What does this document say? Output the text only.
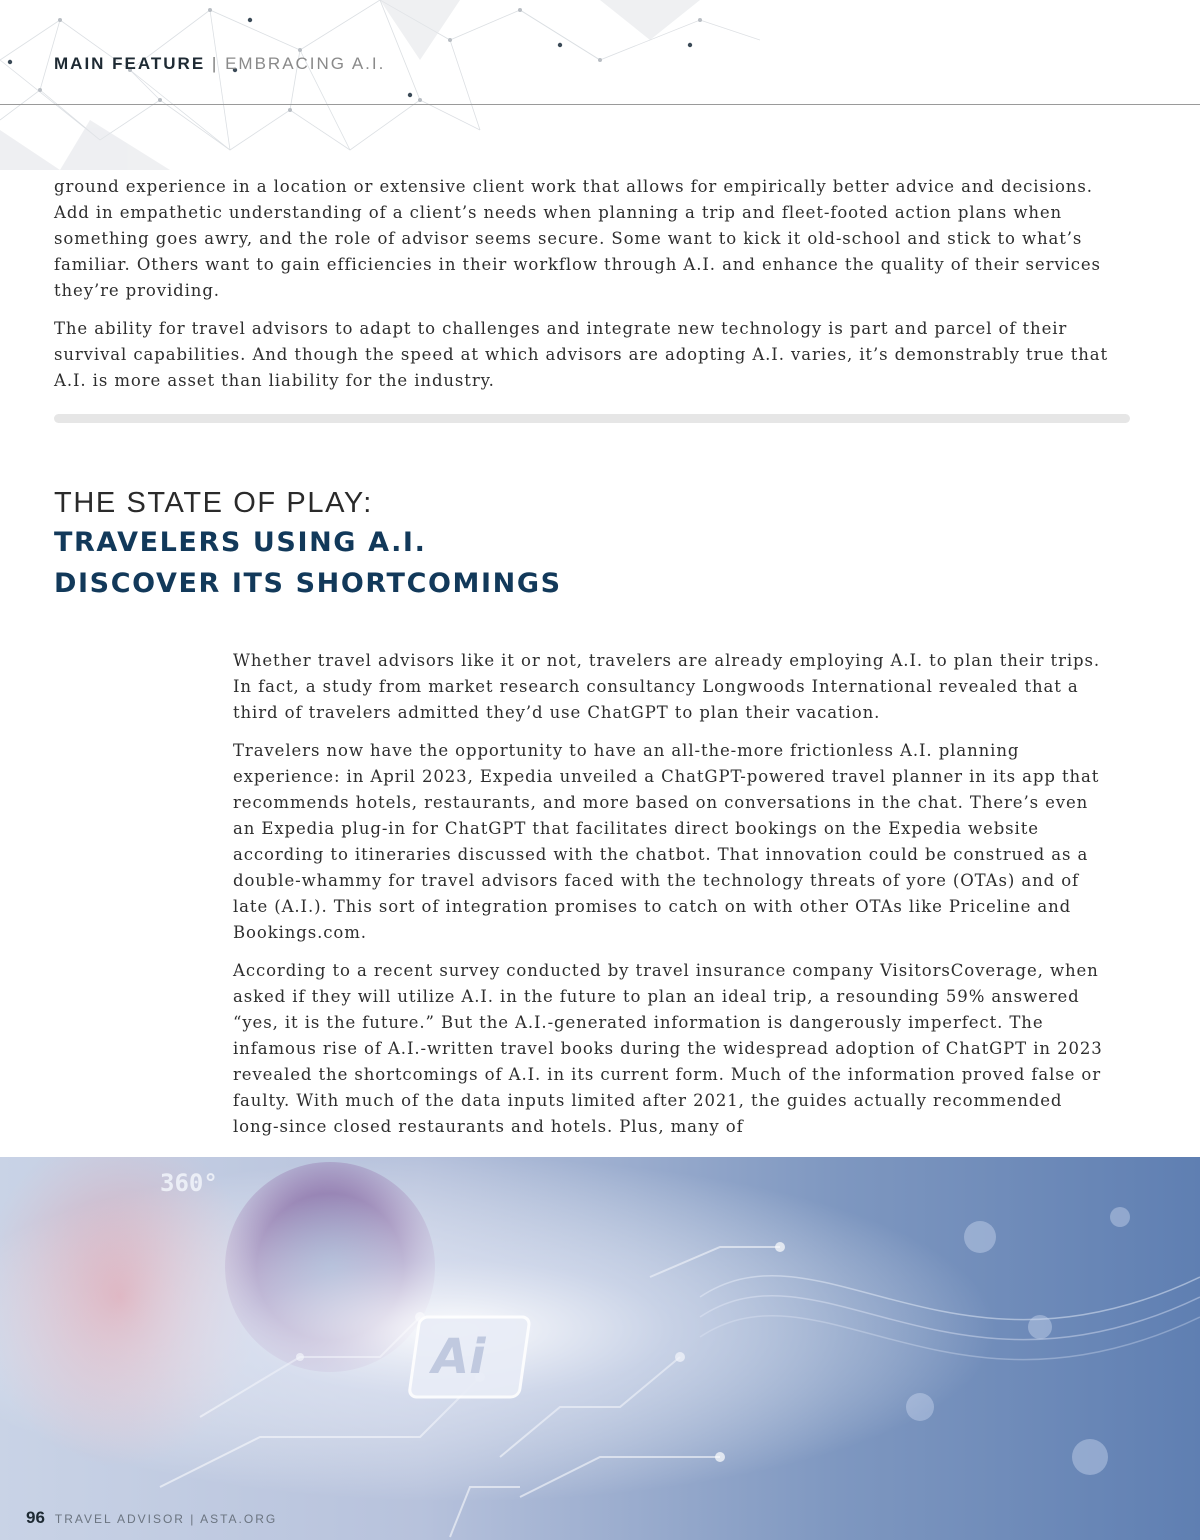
MAIN FEATURE | EMBRACING A.I.

ground experience in a location or extensive client work that allows for empirically better advice and decisions. Add in empathetic understanding of a client’s needs when planning a trip and fleet-footed action plans when something goes awry, and the role of advisor seems secure. Some want to kick it old-school and stick to what’s familiar. Others want to gain efficiencies in their workflow through A.I. and enhance the quality of their services they’re providing.

The ability for travel advisors to adapt to challenges and integrate new technology is part and parcel of their survival capabilities. And though the speed at which advisors are adopting A.I. varies, it’s demonstrably true that A.I. is more asset than liability for the industry.

THE STATE OF PLAY:
TRAVELERS USING A.I.
DISCOVER ITS SHORTCOMINGS

Whether travel advisors like it or not, travelers are already employing A.I. to plan their trips. In fact, a study from market research consultancy Longwoods International revealed that a third of travelers admitted they’d use ChatGPT to plan their vacation.

Travelers now have the opportunity to have an all-the-more frictionless A.I. planning experience: in April 2023, Expedia unveiled a ChatGPT-powered travel planner in its app that recommends hotels, restaurants, and more based on conversations in the chat. There’s even an Expedia plug-in for ChatGPT that facilitates direct bookings on the Expedia website according to itineraries discussed with the chatbot. That innovation could be construed as a double-whammy for travel advisors faced with the technology threats of yore (OTAs) and of late (A.I.). This sort of integration promises to catch on with other OTAs like Priceline and Bookings.com.

According to a recent survey conducted by travel insurance company VisitorsCoverage, when asked if they will utilize A.I. in the future to plan an ideal trip, a resounding 59% answered “yes, it is the future.” But the A.I.-generated information is dangerously imperfect. The infamous rise of A.I.-written travel books during the widespread adoption of ChatGPT in 2023 revealed the shortcomings of A.I. in its current form. Much of the information proved false or faulty. With much of the data inputs limited after 2021, the guides actually recommended long-since closed restaurants and hotels. Plus, many of

Ai
360°
96 TRAVEL ADVISOR | ASTA.ORG
